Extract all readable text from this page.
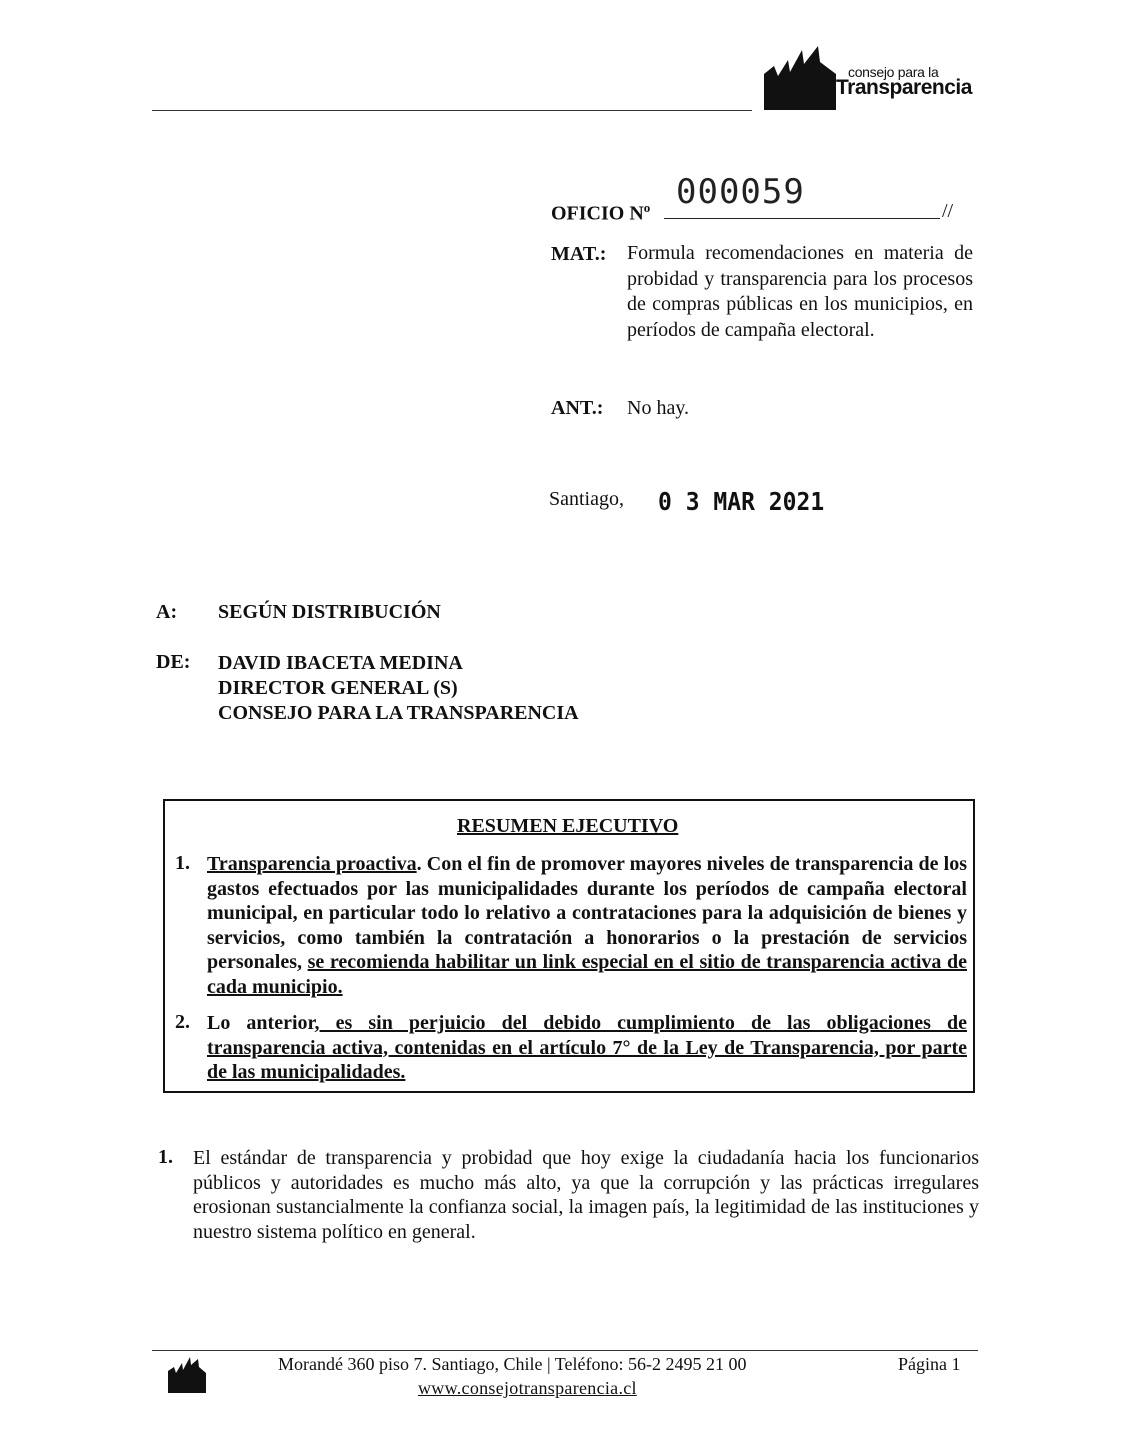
consejo para la
Transparencia
OFICIO $N^o$ 000059	//
MAT.: Formula recomendaciones en materia de probidad y transparencia para los procesos de compras públicas en los municipios, en períodos de campaña electoral.
ANT.: No hay.
Santiago, 0 3 MAR 2021
A: SEGÚN DISTRIBUCIÓN
DE: DAVID IBACETA MEDINA
DIRECTOR GENERAL (S)
CONSEJO PARA LA TRANSPARENCIA
RESUMEN EJECUTIVO
1. Transparencia proactiva. Con el fin de promover mayores niveles de transparencia de los gastos efectuados por las municipalidades durante los períodos de campaña electoral municipal, en particular todo lo relativo a contrataciones para la adquisición de bienes y servicios, como también la contratación a honorarios o la prestación de servicios personales, se recomienda habilitar un link especial en el sitio de transparencia activa de cada municipio.
2. Lo anterior, es sin perjuicio del debido cumplimiento de las obligaciones de transparencia activa, contenidas en el artículo 7° de la Ley de Transparencia, por parte de las municipalidades.
1. El estándar de transparencia y probidad que hoy exige la ciudadanía hacia los funcionarios públicos y autoridades es mucho más alto, ya que la corrupción y las prácticas irregulares erosionan sustancialmente la confianza social, la imagen país, la legitimidad de las instituciones y nuestro sistema político en general.
Morandé 360 piso 7. Santiago, Chile | Teléfono: 56-2 2495 21 00	Página 1
www.consejotransparencia.cl
